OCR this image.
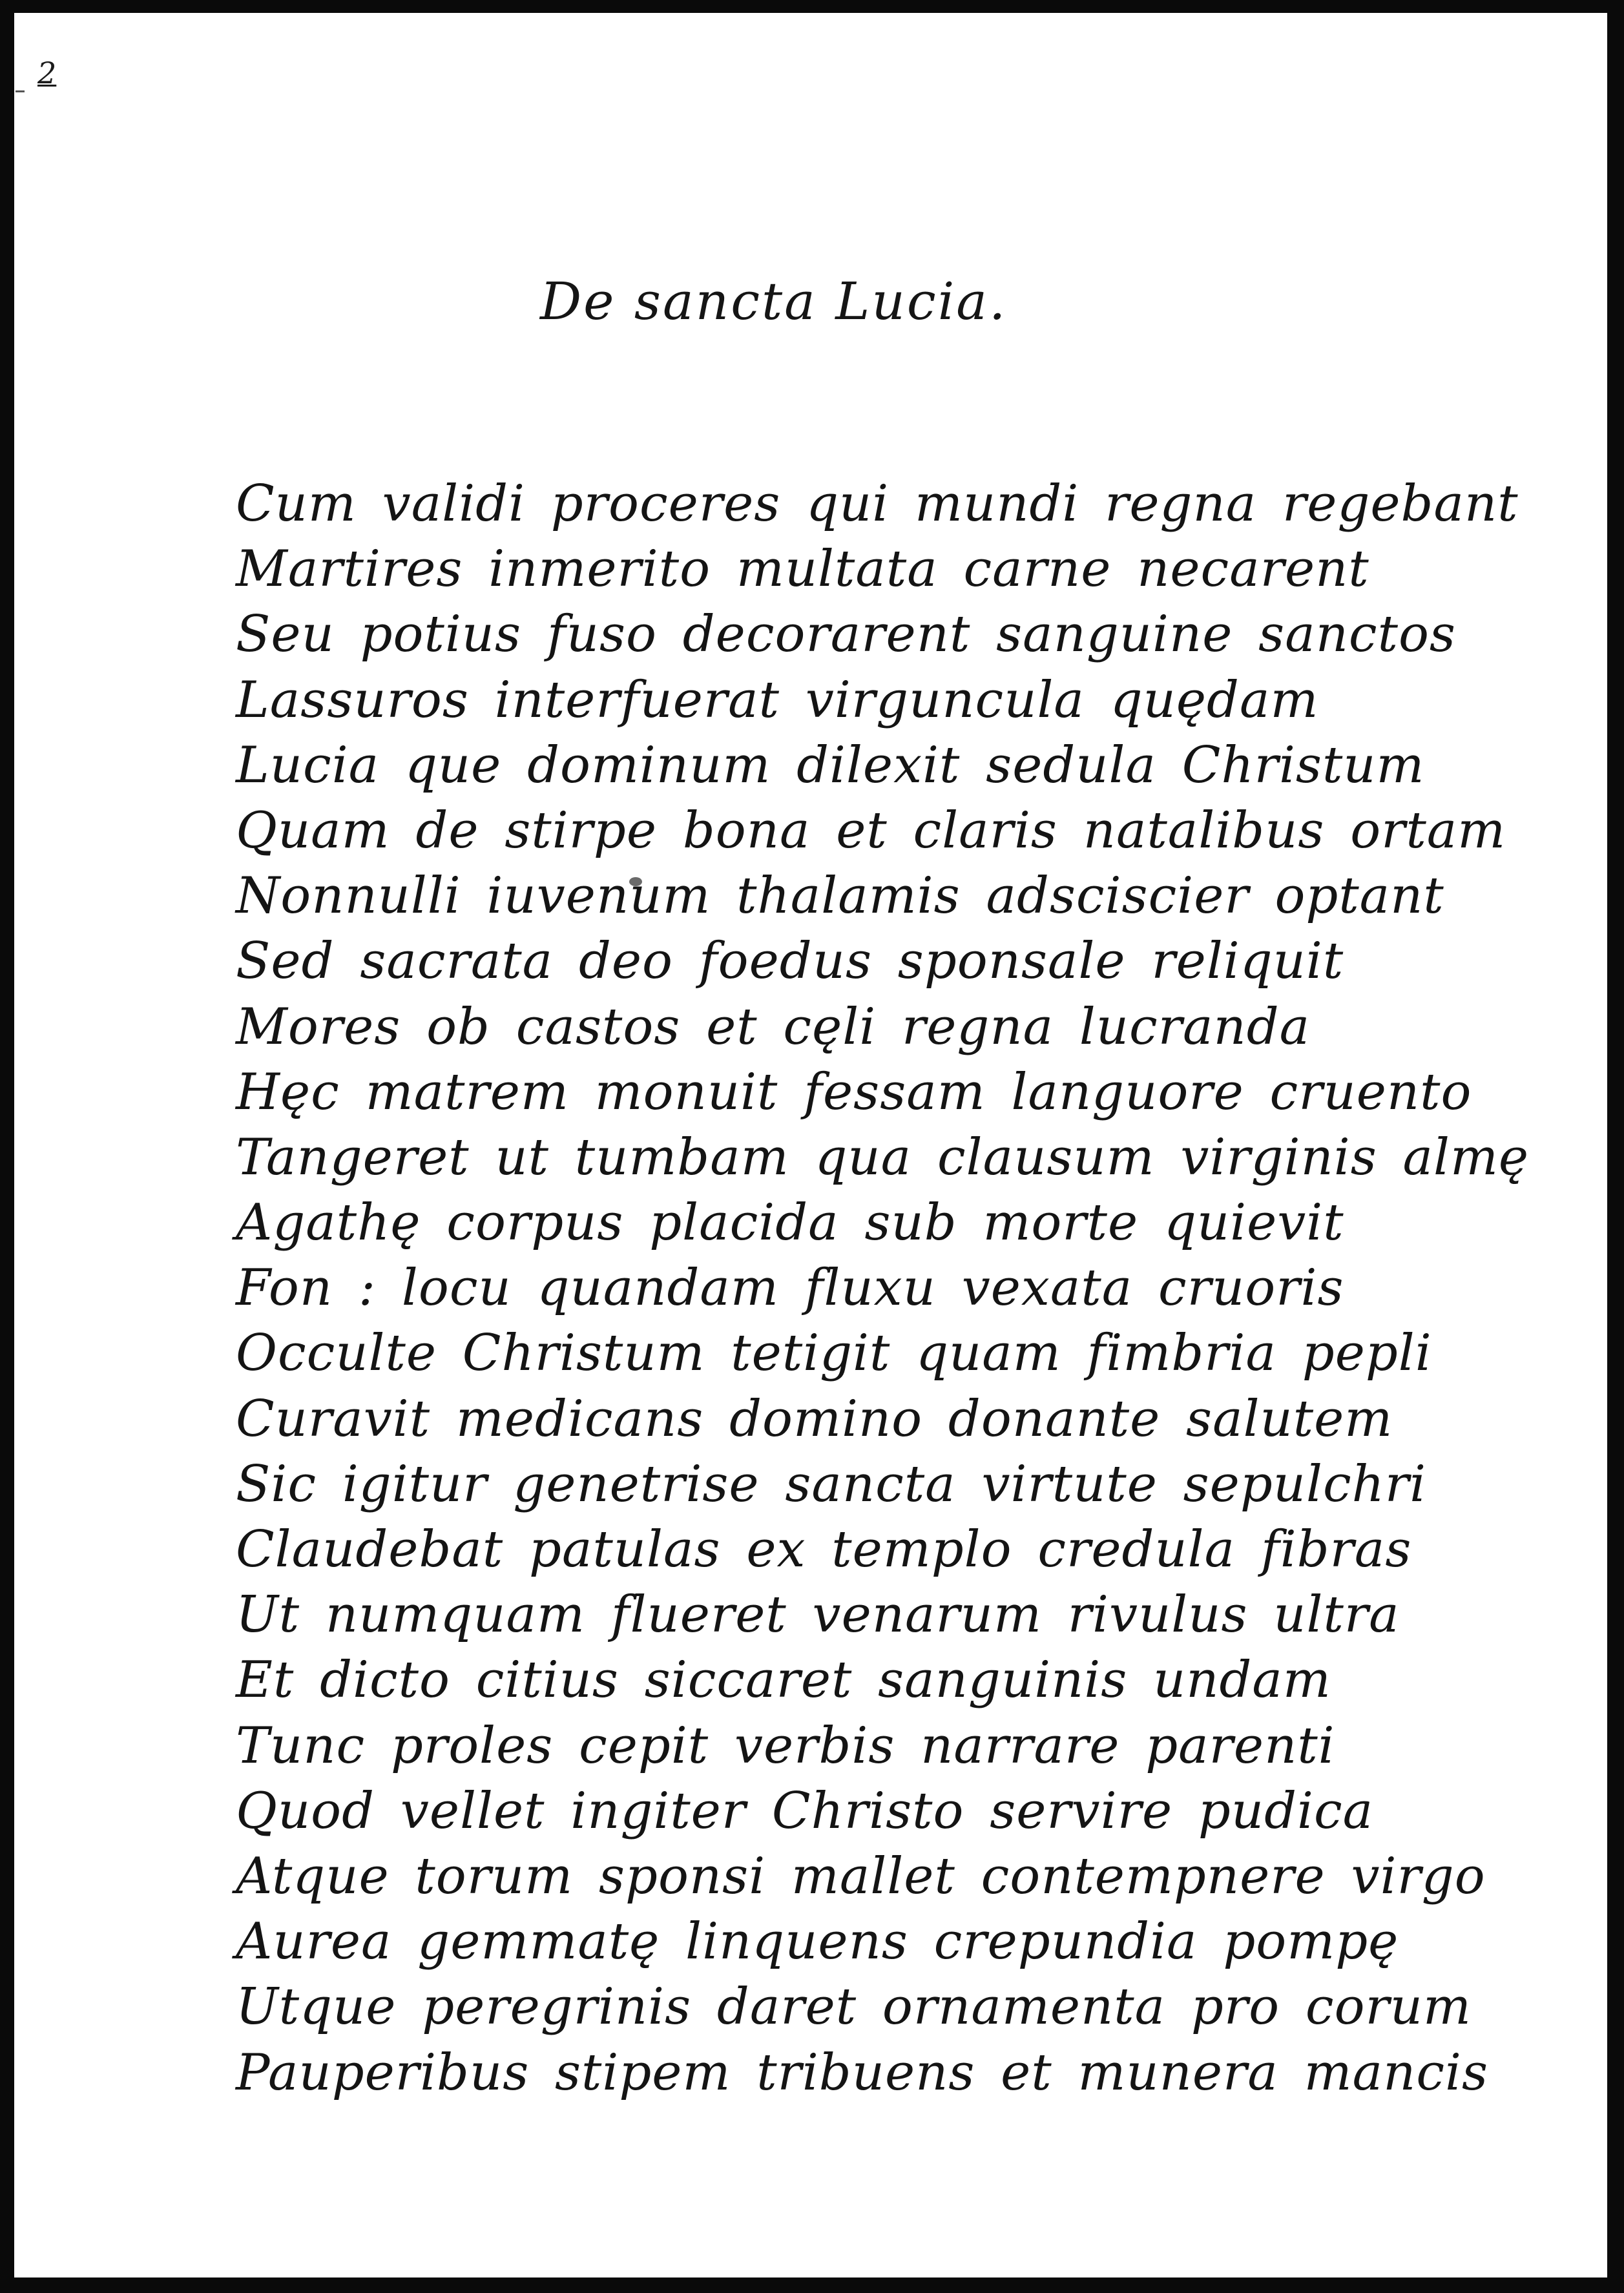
2
De sancta Lucia.
Cum validi proceres qui mundi regna regebant
Martires inmerito multata carne necarent
Seu potius fuso decorarent sanguine sanctos
Lassuros interfuerat virguncula quędam
Lucia que dominum dilexit sedula Christum
Quam de stirpe bona et claris natalibus ortam
Nonnulli iuvenum thalamis adsciscier optant
Sed sacrata deo foedus sponsale reliquit
Mores ob castos et cęli regna lucranda
Hęc matrem monuit fessam languore cruento
Tangeret ut tumbam qua clausum virginis almę
Agathę corpus placida sub morte quievit
Fon : locu quandam fluxu vexata cruoris
Occulte Christum tetigit quam fimbria pepli
Curavit medicans domino donante salutem
Sic igitur genetrise sancta virtute sepulchri
Claudebat patulas ex templo credula fibras
Ut numquam flueret venarum rivulus ultra
Et dicto citius siccaret sanguinis undam
Tunc proles cepit verbis narrare parenti
Quod vellet ingiter Christo servire pudica
Atque torum sponsi mallet contempnere virgo
Aurea gemmatę linquens crepundia pompę
Utque peregrinis daret ornamenta pro corum
Pauperibus stipem tribuens et munera mancis
